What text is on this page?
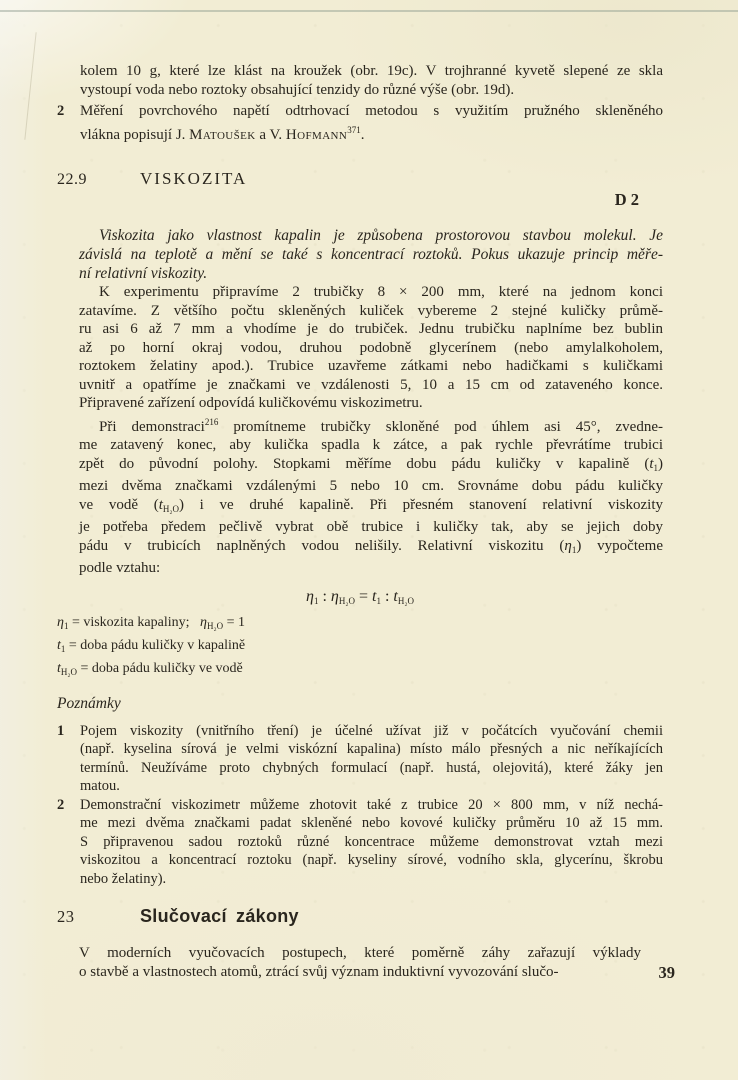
kolem 10 g, které lze klást na kroužek (obr. 19c). V trojhranné kyvetě slepené ze skla
vystoupí voda nebo roztoky obsahující tenzidy do různé výše (obr. 19d).
2 Měření povrchového napětí odtrhovací metodou s využitím pružného skleněného
vlákna popisují J. Matoušek a V. Hofmann$^{371}$.
22.9	VISKOZITA
D 2
Viskozita jako vlastnost kapalin je způsobena prostorovou stavbou molekul. Je
závislá na teplotě a mění se také s koncentrací roztoků. Pokus ukazuje princip měře-
ní relativní viskozity.
K experimentu připravíme 2 trubičky 8 × 200 mm, které na jednom konci
zatavíme. Z většího počtu skleněných kuliček vybereme 2 stejné kuličky průmě-
ru asi 6 až 7 mm a vhodíme je do trubiček. Jednu trubičku naplníme bez bublin
až po horní okraj vodou, druhou podobně glycerínem (nebo amylalkoholem,
roztokem želatiny apod.). Trubice uzavřeme zátkami nebo hadičkami s kuličkami
uvnitř a opatříme je značkami ve vzdálenosti 5, 10 a 15 cm od zataveného konce.
Připravené zařízení odpovídá kuličkovému viskozimetru.
Při demonstraci$^{216}$ promítneme trubičky skloněné pod úhlem asi 45°, zvedne-
me zatavený konec, aby kulička spadla k zátce, a pak rychle převrátíme trubici
zpět do původní polohy. Stopkami měříme dobu pádu kuličky v kapalině $(t_1)$
mezi dvěma značkami vzdálenými 5 nebo 10 cm. Srovnáme dobu pádu kuličky
ve vodě $(t_{H_2O})$ i ve druhé kapalině. Při přesném stanovení relativní viskozity
je potřeba předem pečlivě vybrat obě trubice i kuličky tak, aby se jejich doby
pádu v trubicích naplněných vodou nelišily. Relativní viskozitu $(\eta_1)$ vypočteme
podle vztahu:
$\eta_1$ : $\eta_{H_2O} = t_1$ : $t_{H_2O}$
$\eta_1$ = viskozita kapaliny;   $\eta_{H_2O} = 1$
$t_1$ = doba pádu kuličky v kapalině
$t_{H_2O}$ = doba pádu kuličky ve vodě
Poznámky
1 Pojem viskozity (vnitřního tření) je účelné užívat již v počátcích vyučování chemii
(např. kyselina sírová je velmi viskózní kapalina) místo málo přesných a nic neříkajících
termínů. Neužíváme proto chybných formulací (např. hustá, olejovitá), které žáky jen
matou.
2 Demonstrační viskozimetr můžeme zhotovit také z trubice 20 × 800 mm, v níž nechá-
me mezi dvěma značkami padat skleněné nebo kovové kuličky průměru 10 až 15 mm.
S připravenou sadou roztoků různé koncentrace můžeme demonstrovat vztah mezi
viskozitou a koncentrací roztoku (např. kyseliny sírové, vodního skla, glycerínu, škrobu
nebo želatiny).
23	Slučovací zákony
39
V moderních vyučovacích postupech, které poměrně záhy zařazují výklady
o stavbě a vlastnostech atomů, ztrácí svůj význam induktivní vyvozování slučo-
